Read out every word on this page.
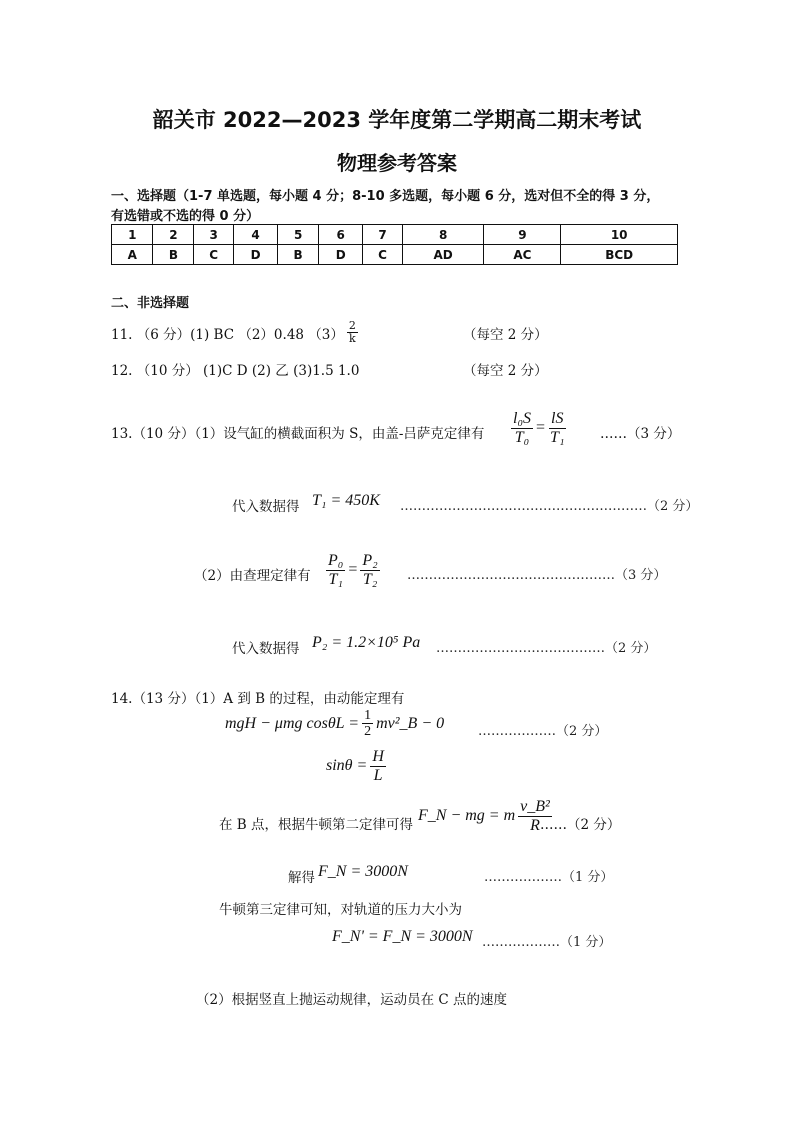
韶关市 2022—2023 学年度第二学期高二期末考试
物理参考答案
一、选择题（1-7 单选题，每小题 4 分；8-10 多选题，每小题 6 分，选对但不全的得 3 分，
有选错或不选的得 0 分）
1	2	3	4	5	6	7	8	9	10
A	B	C	D	B	D	C	AD	AC	BCD
二、非选择题
11. （6 分）(1) BC （2）0.48 $(3) \frac{2}{k}$	（每空 2 分）
12. （10 分） (1)C D (2) 乙 (3)1.5 1.0	（每空 2 分）
13.（10 分）（1）设气缸的横截面积为 S，由盖-吕萨克定律有 $\frac{\text{l₀S}}{\text{T₀}} = \frac{lS}{\text{T₁}}$ ……（3 分）
代入数据得 T₁ = 450K …………………………………………………（2 分）
（2）由查理定律有 $\frac{\text{P₀}}{\text{T₁}} = \frac{\text{P₂}}{\text{T₂}}$ …………………………………………（3 分）
代入数据得 P₂ = 1.2×10⁵ Pa …………………………………（2 分）
14.（13 分）（1）A 到 B 的过程，由动能定理有
mgH − μmg $\cos\theta L = \frac{1}{2}$ mv²_B − 0	………………（2 分）
$\sin\theta = \frac{H}{L}$
在 B 点，根据牛顿第二定律可得
F_N − mg = m $\frac{\text{v\_B²}}{R}$
……（2 分）
解得 F_N = 3000N	………………（1 分）
牛顿第三定律可知，对轨道的压力大小为
F_N' = F_N = 3000N ………………（1 分）
（2）根据竖直上抛运动规律，运动员在 C 点的速度
